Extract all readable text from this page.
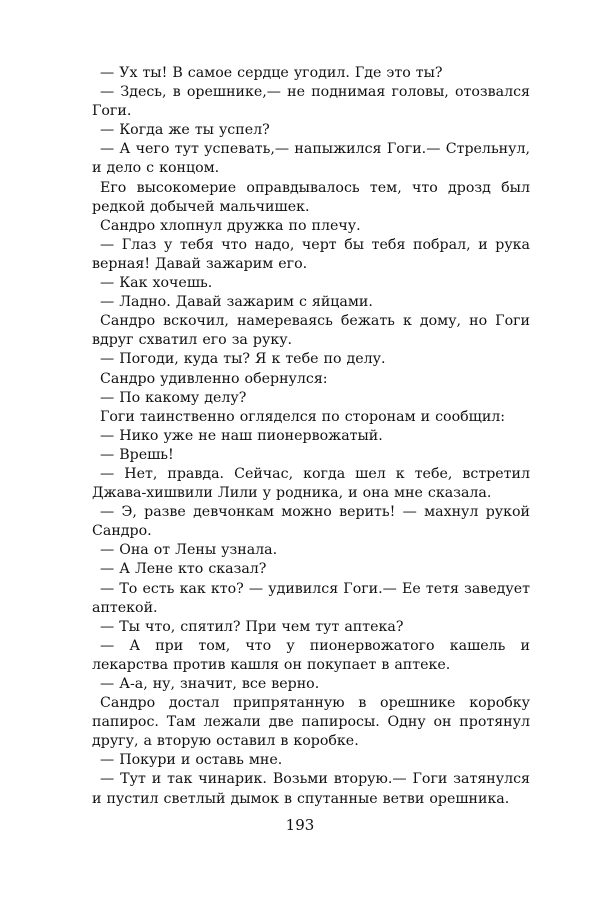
— Ух ты! В самое сердце угодил. Где это ты?

— Здесь, в орешнике,— не поднимая головы, отозвался Гоги.

— Когда же ты успел?

— А чего тут успевать,— напыжился Гоги.— Стрельнул, и дело с концом.

Его высокомерие оправдывалось тем, что дрозд был редкой добычей мальчишек.

Сандро хлопнул дружка по плечу.

— Глаз у тебя что надо, черт бы тебя побрал, и рука верная! Давай зажарим его.

— Как хочешь.

— Ладно. Давай зажарим с яйцами.

Сандро вскочил, намереваясь бежать к дому, но Гоги вдруг схватил его за руку.

— Погоди, куда ты? Я к тебе по делу.

Сандро удивленно обернулся:

— По какому делу?

Гоги таинственно огляделся по сторонам и сообщил:

— Нико уже не наш пионервожатый.

— Врешь!

— Нет, правда. Сейчас, когда шел к тебе, встретил Джава-хишвили Лили у родника, и она мне сказала.

— Э, разве девчонкам можно верить! — махнул рукой Сандро.

— Она от Лены узнала.

— А Лене кто сказал?

— То есть как кто? — удивился Гоги.— Ее тетя заведует аптекой.

— Ты что, спятил? При чем тут аптека?

— А при том, что у пионервожатого кашель и лекарства против кашля он покупает в аптеке.

— А-а, ну, значит, все верно.

Сандро достал припрятанную в орешнике коробку папирос. Там лежали две папиросы. Одну он протянул другу, а вторую оставил в коробке.

— Покури и оставь мне.

— Тут и так чинарик. Возьми вторую.— Гоги затянулся и пустил светлый дымок в спутанные ветви орешника.

193
